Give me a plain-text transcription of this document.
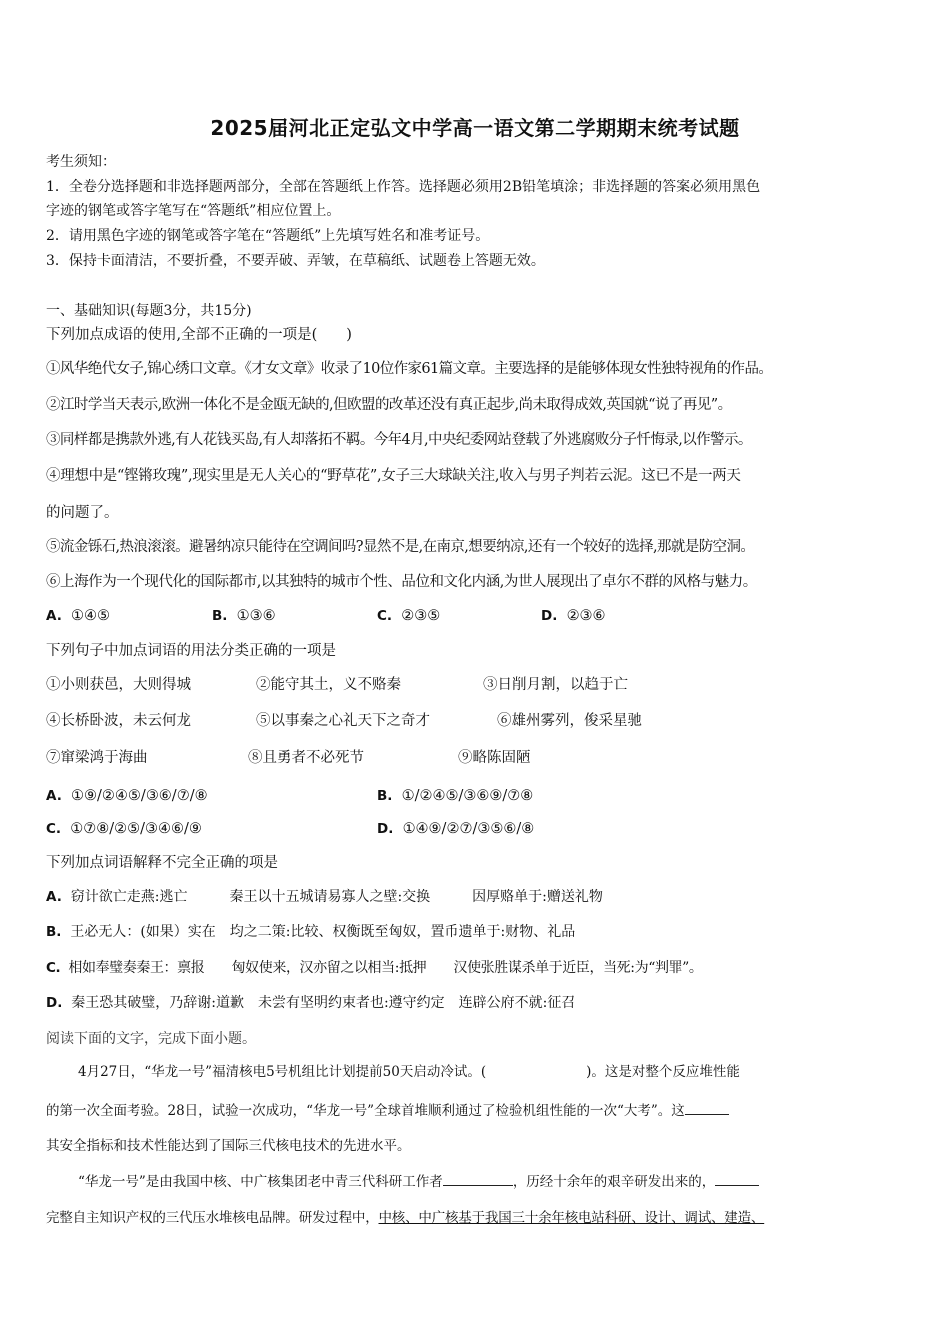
2025届河北正定弘文中学高一语文第二学期期末统考试题
考生须知：
1．全卷分选择题和非选择题两部分，全部在答题纸上作答。选择题必须用2B铅笔填涂；非选择题的答案必须用黑色
字迹的钢笔或答字笔写在“答题纸”相应位置上。
2．请用黑色字迹的钢笔或答字笔在“答题纸”上先填写姓名和准考证号。
3．保持卡面清洁，不要折叠，不要弄破、弄皱，在草稿纸、试题卷上答题无效。
一、基础知识(每题3分，共15分)
下列加点成语的使用,全部不正确的一项是(　　)
①风华绝代女子,锦心绣口文章。《才女文章》收录了10位作家61篇文章。主要选择的是能够体现女性独特视角的作品。
②江时学当天表示,欧洲一体化不是金瓯无缺的,但欧盟的改革还没有真正起步,尚未取得成效,英国就“说了再见”。
③同样都是携款外逃,有人花钱买岛,有人却落拓不羁。今年4月,中央纪委网站登载了外逃腐败分子忏悔录,以作警示。
④理想中是“铿锵玫瑰”,现实里是无人关心的“野草花”,女子三大球缺关注,收入与男子判若云泥。这已不是一两天
的问题了。
⑤流金铄石,热浪滚滚。避暑纳凉只能待在空调间吗?显然不是,在南京,想要纳凉,还有一个较好的选择,那就是防空洞。
⑥上海作为一个现代化的国际都市,以其独特的城市个性、品位和文化内涵,为世人展现出了卓尔不群的风格与魅力。
A. ①④⑤	B. ①③⑥	C. ②③⑤	D. ②③⑥
下列句子中加点词语的用法分类正确的一项是
①小则获邑，大则得城	②能守其土，义不赂秦	③日削月割，以趋于亡
④长桥卧波，未云何龙	⑤以事秦之心礼天下之奇才	⑥雄州雾列，俊采星驰
⑦窜梁鸿于海曲	⑧且勇者不必死节	⑨略陈固陋
A. ①⑨/②④⑤/③⑥/⑦/⑧	B. ①/②④⑤/③⑥⑨/⑦⑧
C. ①⑦⑧/②⑤/③④⑥/⑨	D. ①④⑨/②⑦/③⑤⑥/⑧
下列加点词语解释不完全正确的项是
A. 窃计欲亡走燕:逃亡　　　秦王以十五城请易寡人之壁:交换　　　因厚赂单于:赠送礼物
B. 王必无人：(如果）实在　均之二策:比较、权衡既至匈奴，置币遗单于:财物、礼品
C. 相如奉璧奏秦王：禀报　　匈奴使来，汉亦留之以相当:抵押　　汉使张胜谋杀单于近臣，当死:为“判罪”。
D. 秦王恐其破璧，乃辞谢:道歉　未尝有坚明约束者也:遵守约定　连辟公府不就:征召
阅读下面的文字，完成下面小题。
4月27日，“华龙一号”福清核电5号机组比计划提前50天启动冷试。(	)。这是对整个反应堆性能
的第一次全面考验。28日，试验一次成功，“华龙一号”全球首堆顺利通过了检验机组性能的一次“大考”。这
其安全指标和技术性能达到了国际三代核电技术的先进水平。
“华龙一号”是由我国中核、中广核集团老中青三代科研工作者	，历经十余年的艰辛研发出来的，
完整自主知识产权的三代压水堆核电品牌。研发过程中，中核、中广核基于我国三十余年核电站科研、设计、调试、建造、
